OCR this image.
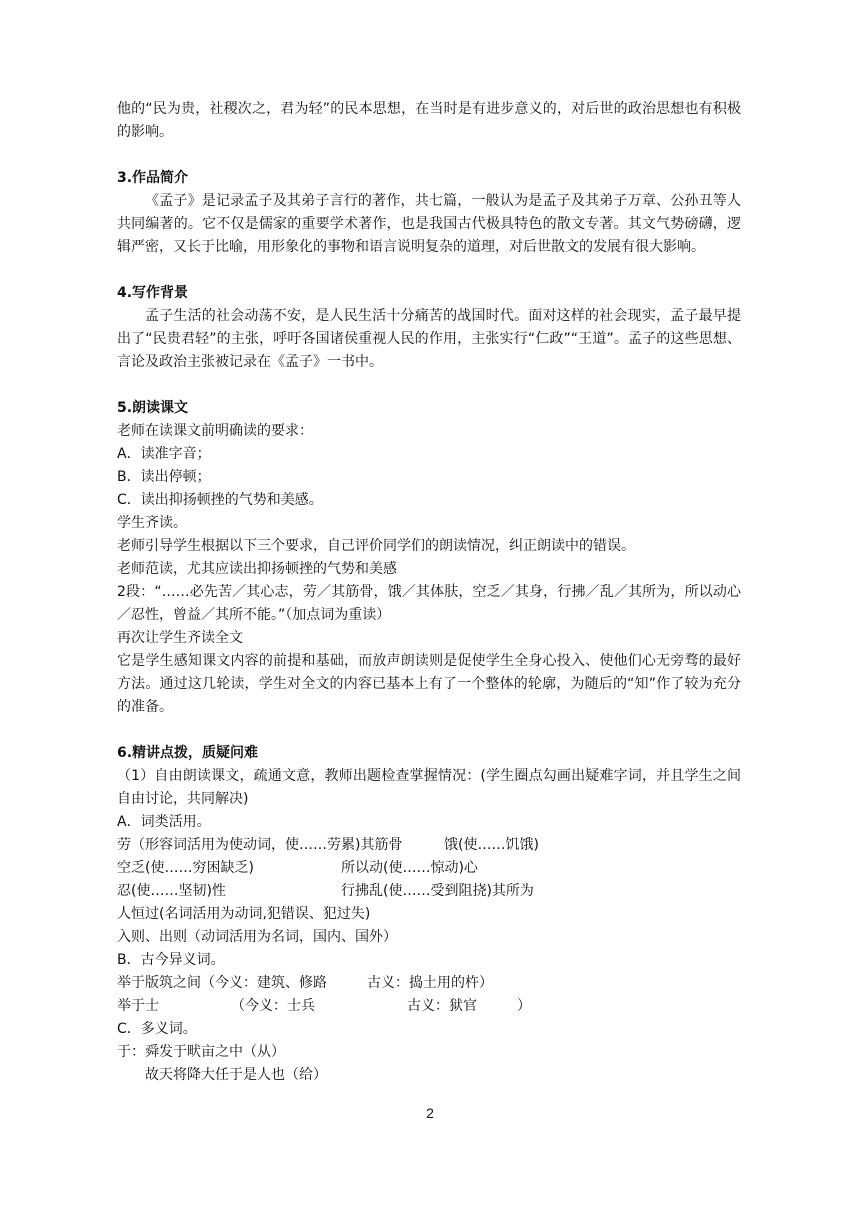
他的“民为贵，社稷次之，君为轻”的民本思想，在当时是有进步意义的，对后世的政治思想也有积极的影响。

3.作品简介

《孟子》是记录孟子及其弟子言行的著作，共七篇，一般认为是孟子及其弟子万章、公孙丑等人共同编著的。它不仅是儒家的重要学术著作，也是我国古代极具特色的散文专著。其文气势磅礴，逻辑严密，又长于比喻，用形象化的事物和语言说明复杂的道理，对后世散文的发展有很大影响。

4.写作背景

孟子生活的社会动荡不安，是人民生活十分痛苦的战国时代。面对这样的社会现实，孟子最早提出了“民贵君轻”的主张，呼吁各国诸侯重视人民的作用，主张实行“仁政”“王道”。孟子的这些思想、言论及政治主张被记录在《孟子》一书中。

5.朗读课文

老师在读课文前明确读的要求：

A．读准字音；

B．读出停顿；

C．读出抑扬顿挫的气势和美感。

学生齐读。

老师引导学生根据以下三个要求，自己评价同学们的朗读情况，纠正朗读中的错误。

老师范读，尤其应读出抑扬顿挫的气势和美感

2段：“……必先苦／其心志，劳／其筋骨，饿／其体肤，空乏／其身，行拂／乱／其所为，所以动心／忍性，曾益／其所不能。”（加点词为重读）

再次让学生齐读全文

它是学生感知课文内容的前提和基础，而放声朗读则是促使学生全身心投入、使他们心无旁骛的最好方法。通过这几轮读，学生对全文的内容已基本上有了一个整体的轮廓，为随后的“知”作了较为充分的准备。

6.精讲点拨，质疑问难

（1）自由朗读课文，疏通文意，教师出题检查掌握情况：(学生圈点勾画出疑难字词，并且学生之间自由讨论，共同解决)

A．词类活用。

劳（形容词活用为使动词，使……劳累)其筋骨	饿(使……饥饿)
空乏(使……穷困缺乏)	所以动(使……惊动)心
忍(使……坚韧)性	行拂乱(使……受到阻挠)其所为

人恒过(名词活用为动词,犯错误、犯过失)

入则、出则（动词活用为名词，国内、国外）

B．古今异义词。

举于版筑之间（今义：建筑、修路	古义：捣土用的杵）
举于士	（今义：士兵	古义：狱官	）

C．多义词。

于：舜发于畎亩之中（从）

故天将降大任于是人也（给）

2
